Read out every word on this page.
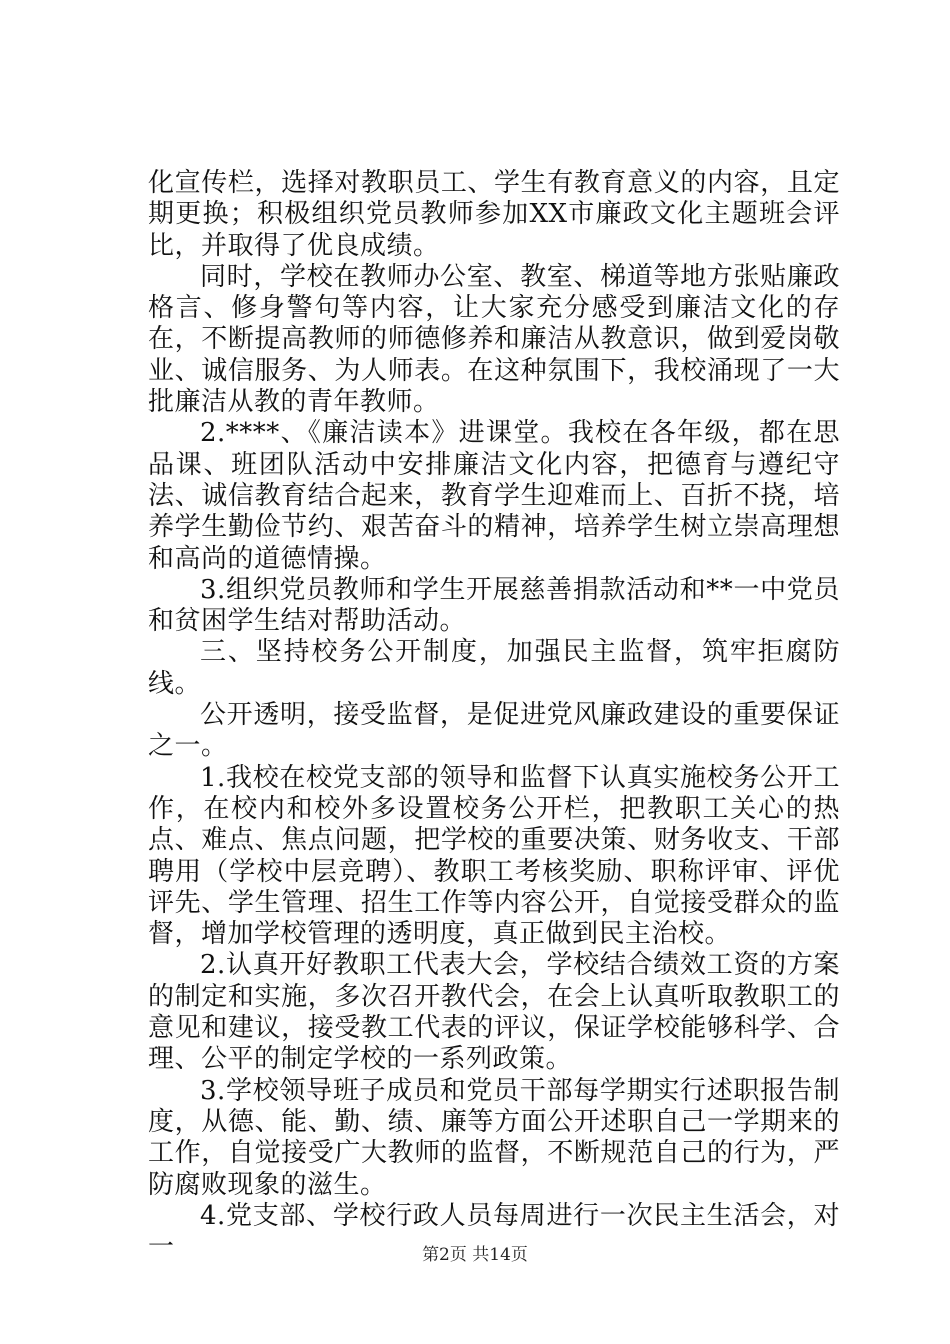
化宣传栏，选择对教职员工、学生有教育意义的内容，且定期更换；积极组织党员教师参加XX市廉政文化主题班会评比，并取得了优良成绩。

同时，学校在教师办公室、教室、梯道等地方张贴廉政格言、修身警句等内容，让大家充分感受到廉洁文化的存在，不断提高教师的师德修养和廉洁从教意识，做到爱岗敬业、诚信服务、为人师表。在这种氛围下，我校涌现了一大批廉洁从教的青年教师。

2.****、《廉洁读本》进课堂。我校在各年级，都在思品课、班团队活动中安排廉洁文化内容，把德育与遵纪守法、诚信教育结合起来，教育学生迎难而上、百折不挠，培养学生勤俭节约、艰苦奋斗的精神，培养学生树立崇高理想和高尚的道德情操。

3.组织党员教师和学生开展慈善捐款活动和**一中党员和贫困学生结对帮助活动。

三、坚持校务公开制度，加强民主监督，筑牢拒腐防线。

公开透明，接受监督，是促进党风廉政建设的重要保证之一。

1.我校在校党支部的领导和监督下认真实施校务公开工作，在校内和校外多设置校务公开栏，把教职工关心的热点、难点、焦点问题，把学校的重要决策、财务收支、干部聘用（学校中层竞聘）、教职工考核奖励、职称评审、评优评先、学生管理、招生工作等内容公开，自觉接受群众的监督，增加学校管理的透明度，真正做到民主治校。

2.认真开好教职工代表大会，学校结合绩效工资的方案的制定和实施，多次召开教代会，在会上认真听取教职工的意见和建议，接受教工代表的评议，保证学校能够科学、合理、公平的制定学校的一系列政策。

3.学校领导班子成员和党员干部每学期实行述职报告制度，从德、能、勤、绩、廉等方面公开述职自己一学期来的工作，自觉接受广大教师的监督，不断规范自己的行为，严防腐败现象的滋生。

4.党支部、学校行政人员每周进行一次民主生活会，对一	第2页 共14页
